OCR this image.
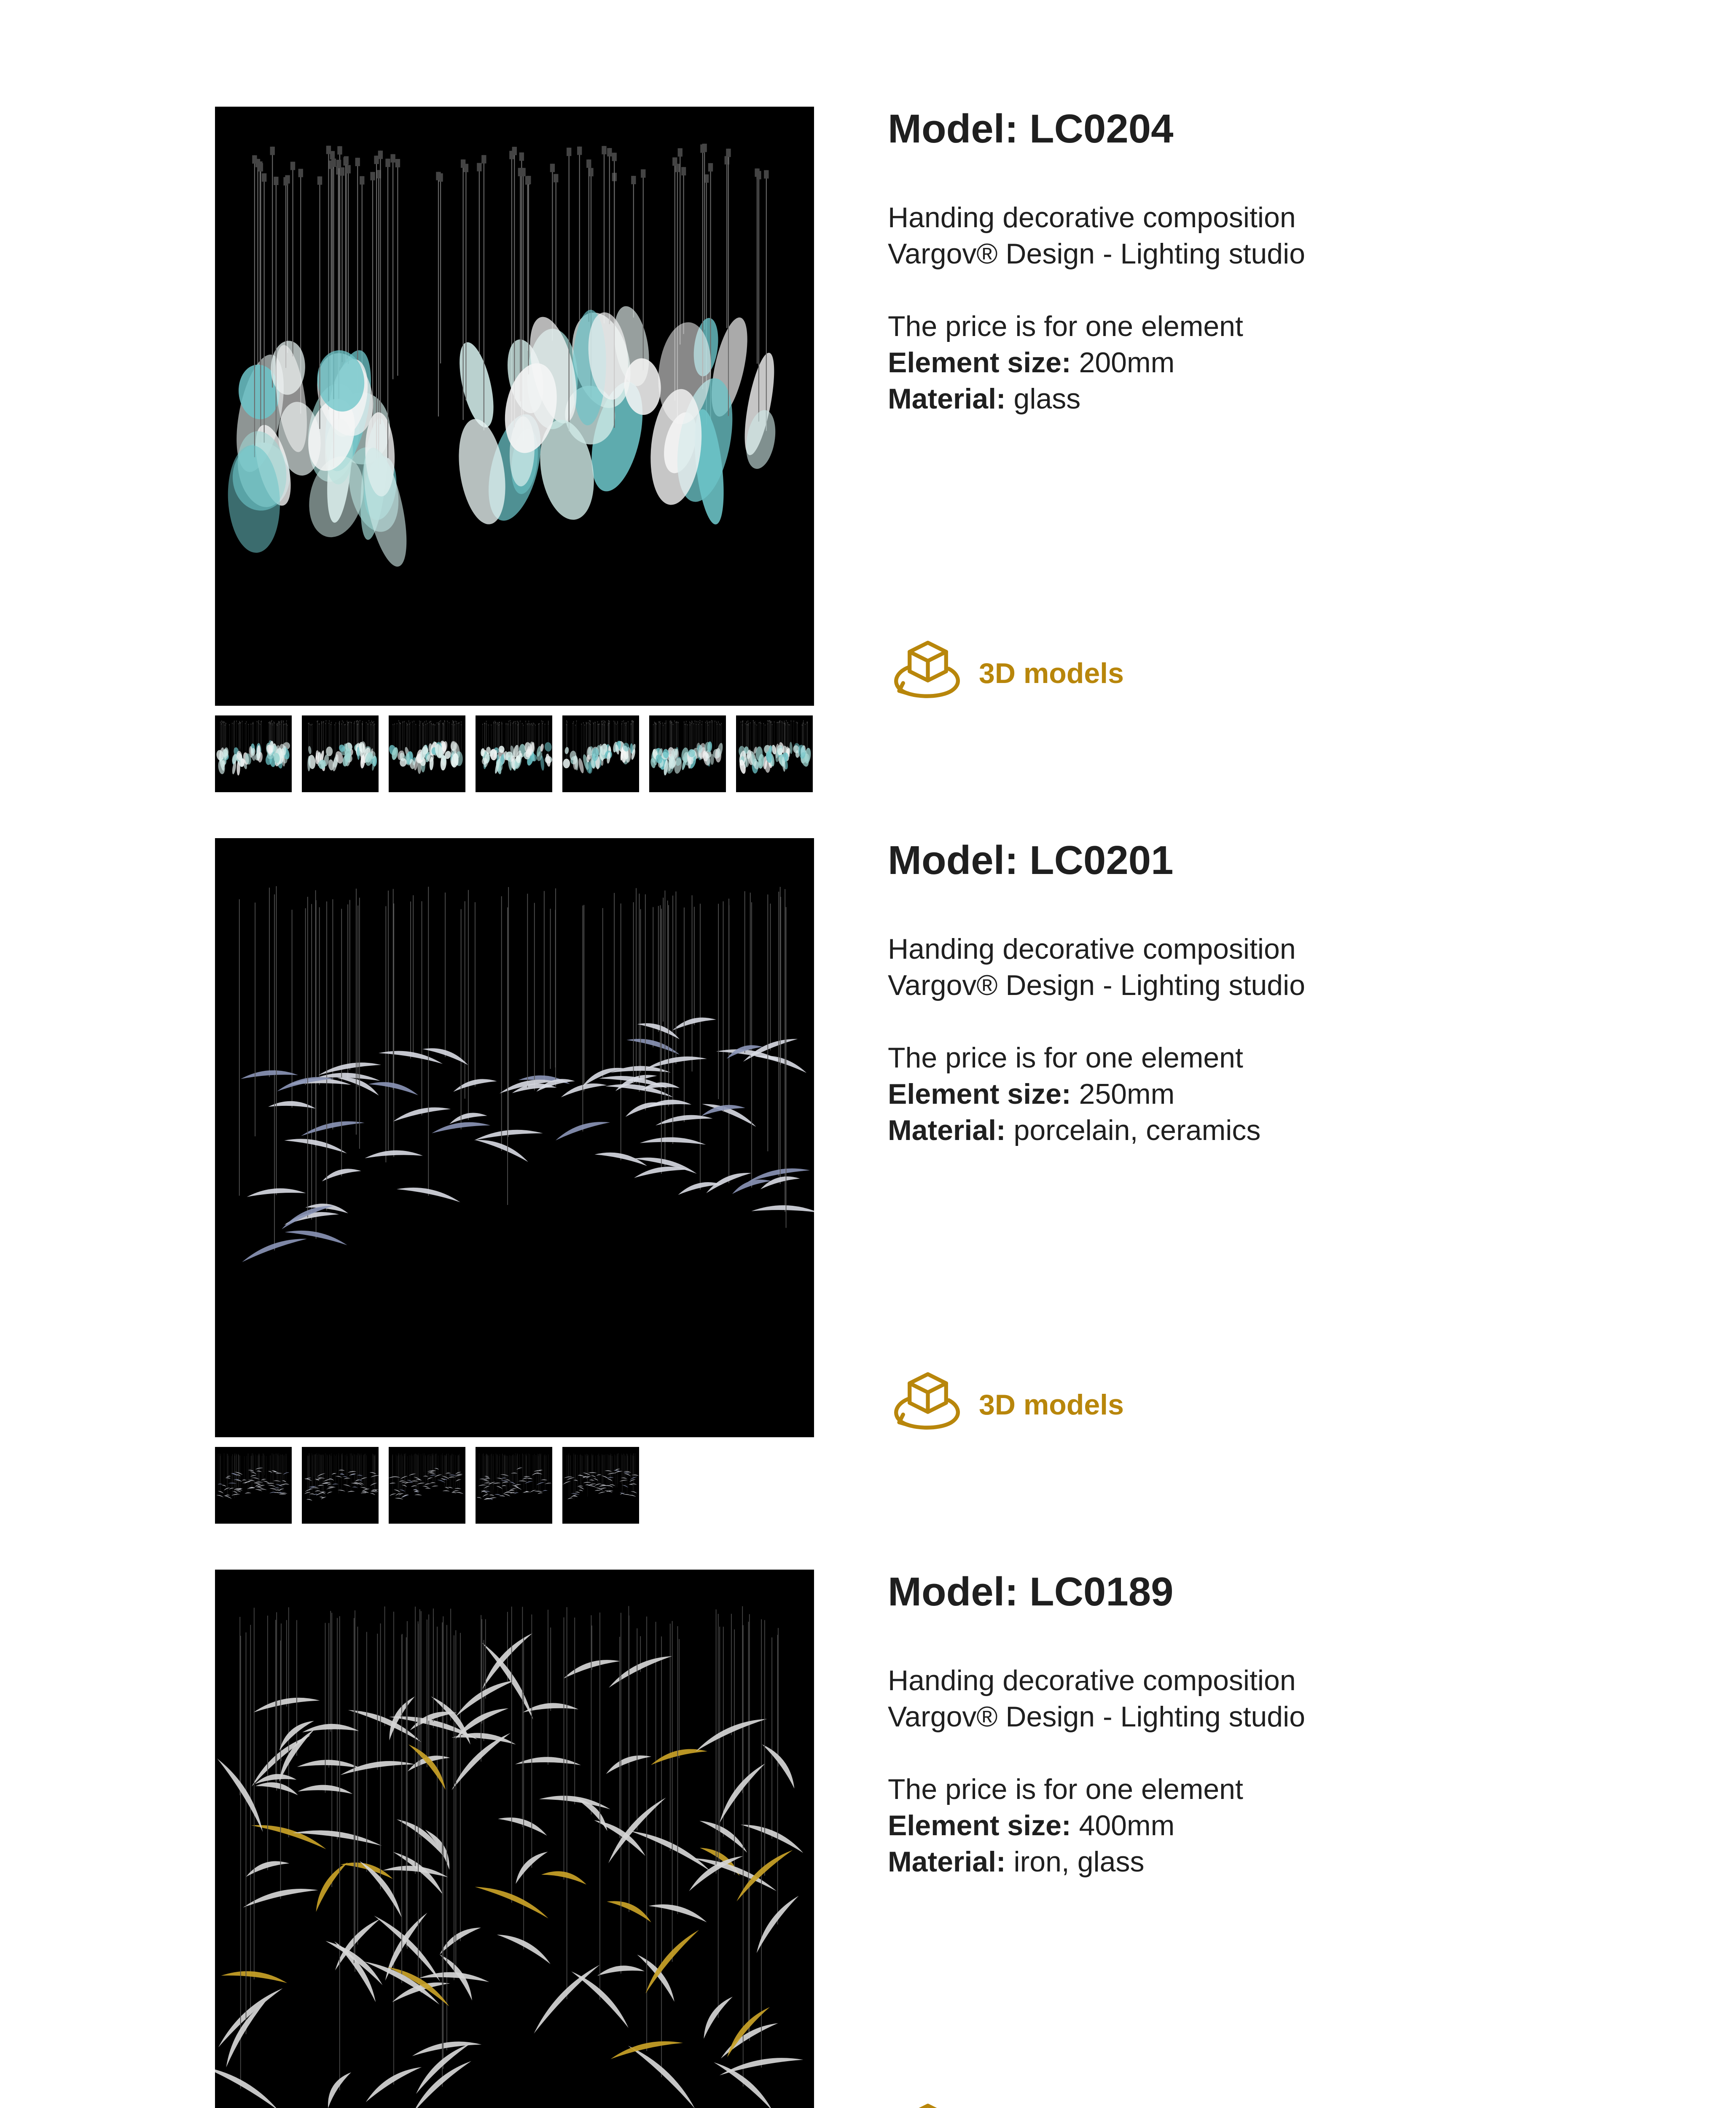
Model: LC0204
Handing decorative composition
Vargov® Design - Lighting studio
The price is for one element
Element size: 200mm
Material: glass
3D models
Model: LC0201
Handing decorative composition
Vargov® Design - Lighting studio
The price is for one element
Element size: 250mm
Material: porcelain, ceramics
3D models
Model: LC0189
Handing decorative composition
Vargov® Design - Lighting studio
The price is for one element
Element size: 400mm
Material: iron, glass
